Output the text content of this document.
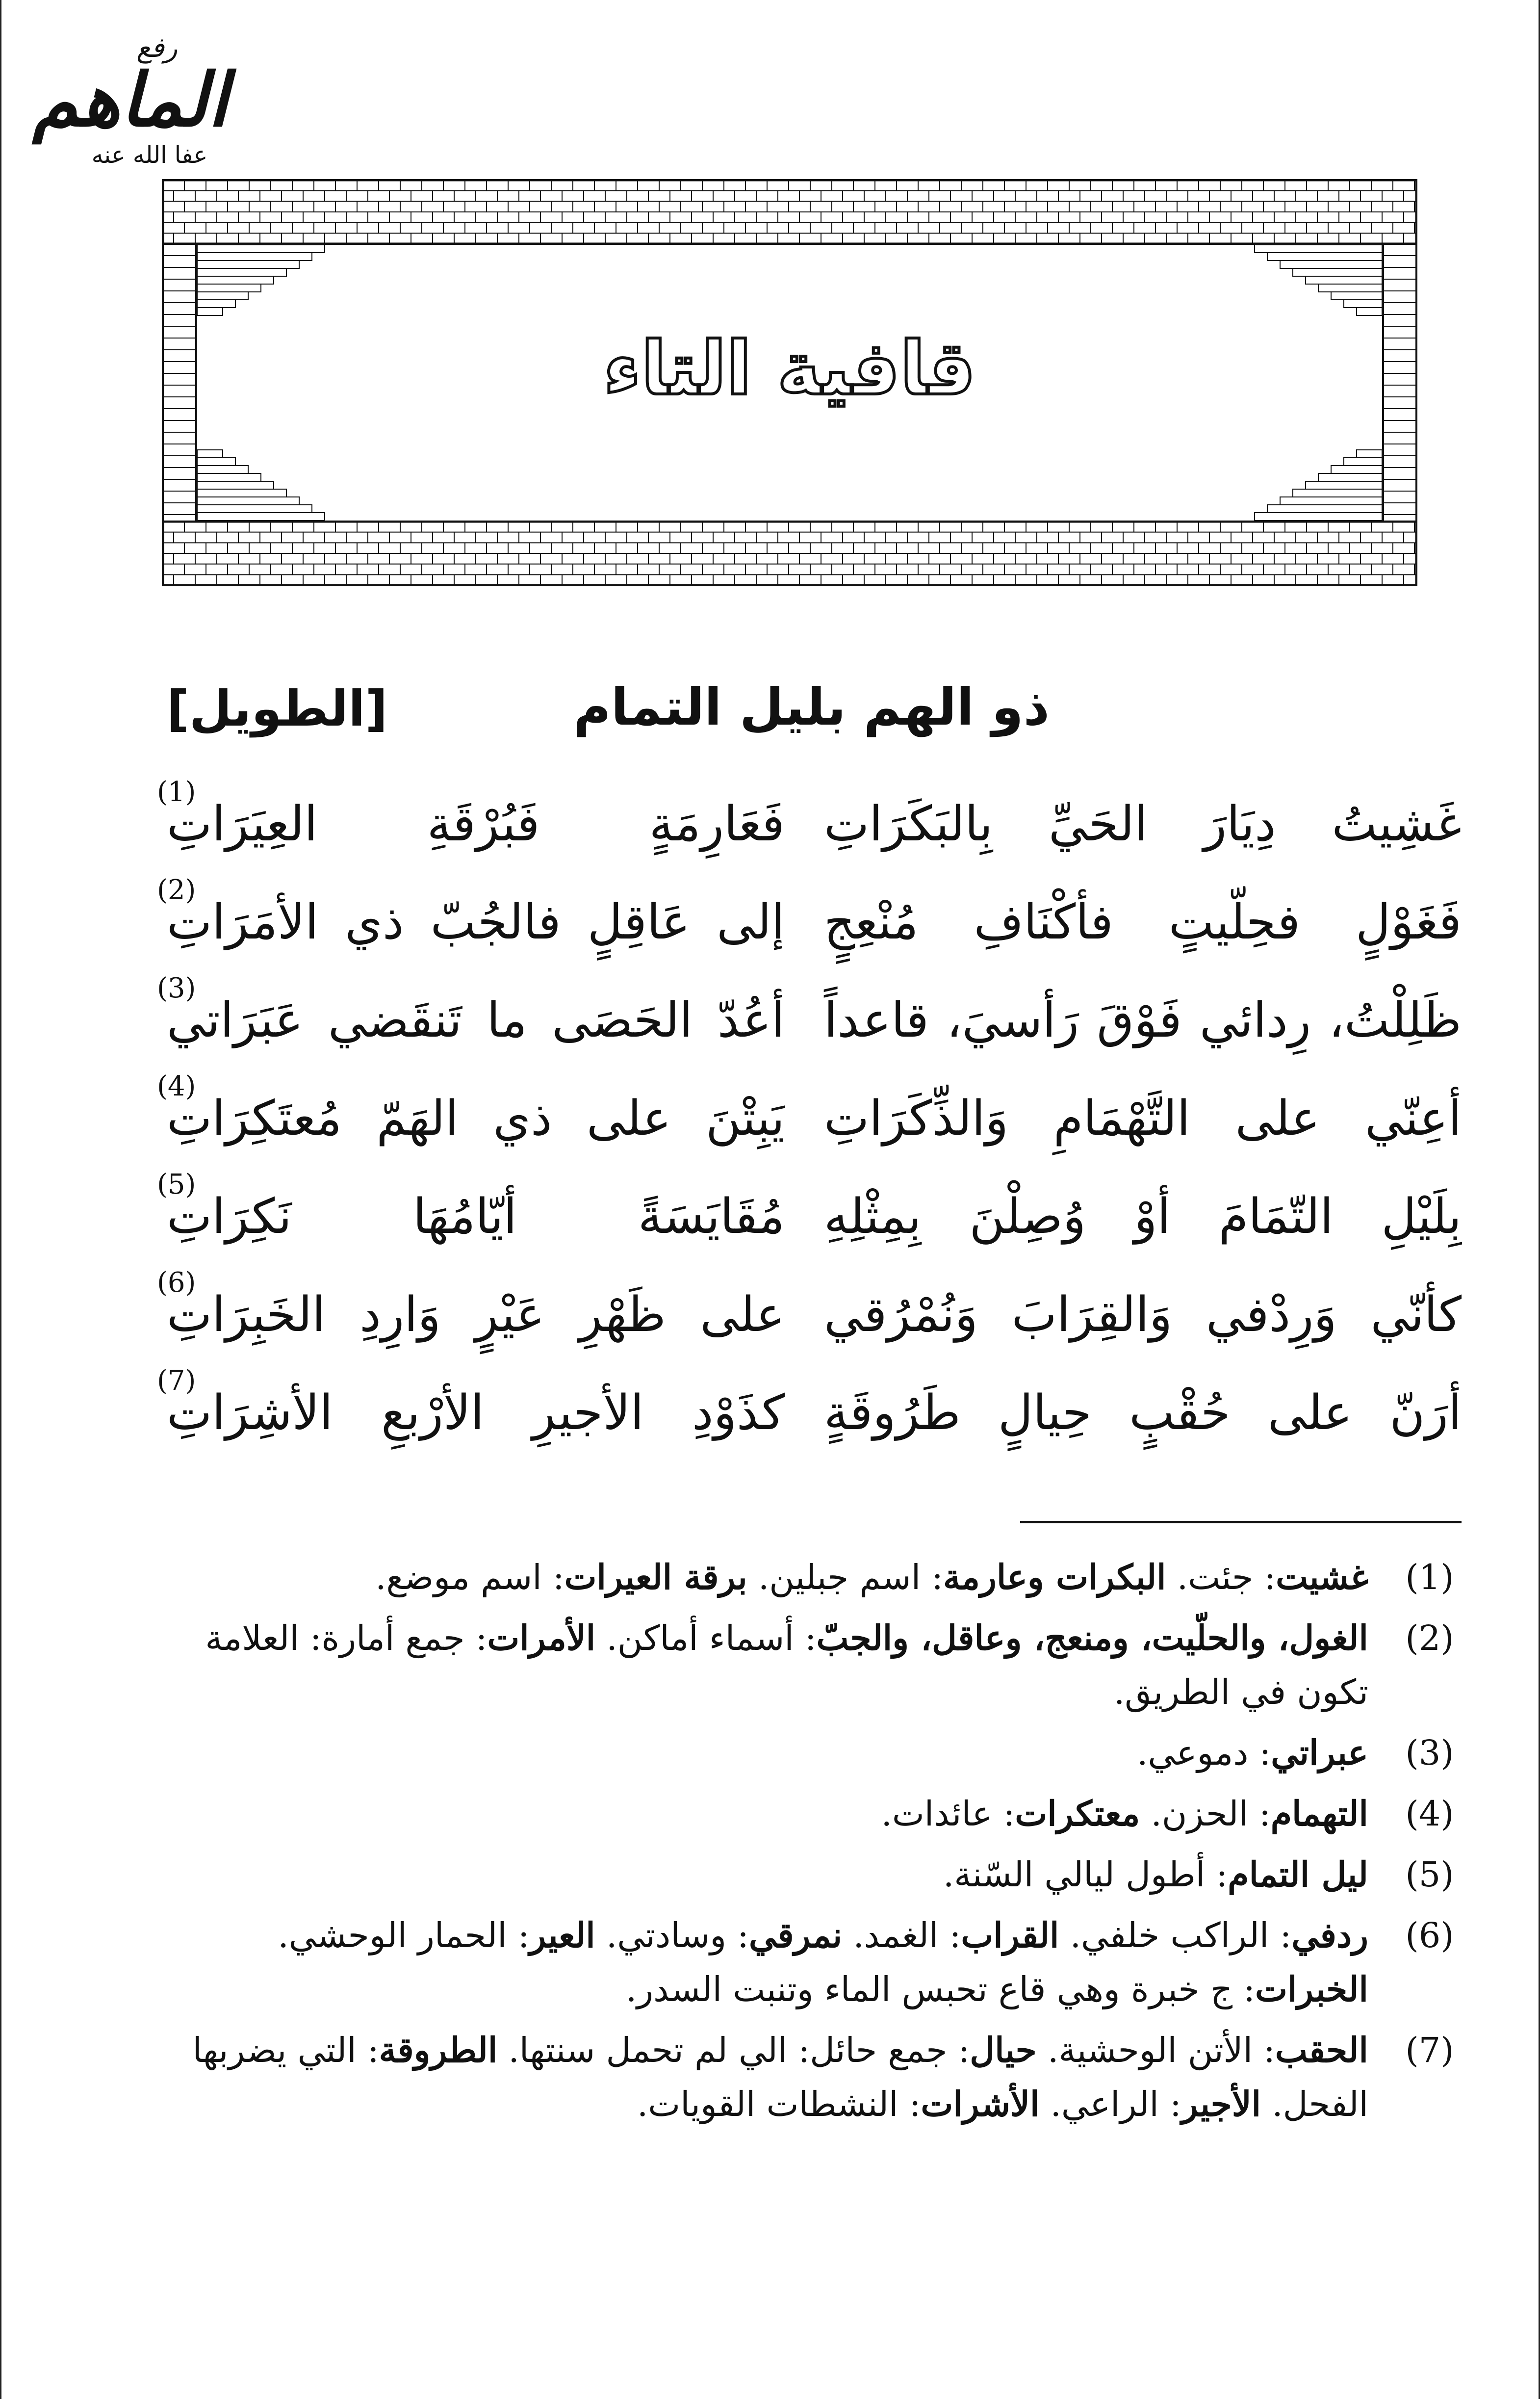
رفع
الماهم
عفا الله عنه
قافية التاء
ذو الهم بليل التمام
[الطويل]
غَشِيتُ دِيَارَ الحَيِّ بِالبَكَرَاتِ
فَعَارِمَةٍ فَبُرْقَةِ العِيَرَاتِ
(1)
فَغَوْلٍ فحِلّيتٍ فأكْنَافِ مُنْعِجٍ
إلى عَاقِلٍ فالجُبّ ذي الأمَرَاتِ
(2)
ظَلِلْتُ، رِدائي فَوْقَ رَأسيَ، قاعداً
أعُدّ الحَصَى ما تَنقَضي عَبَرَاتي
(3)
أعِنّي على التَّهْمَامِ وَالذِّكَرَاتِ
يَبِتْنَ على ذي الهَمّ مُعتَكِرَاتِ
(4)
بِلَيْلِ التّمَامَ أوْ وُصِلْنَ بِمِثْلِهِ
مُقَايَسَةً أيّامُهَا نَكِرَاتِ
(5)
كأنّي وَرِدْفي وَالقِرَابَ وَنُمْرُقي
على ظَهْرِ عَيْرٍ وَارِدِ الخَبِرَاتِ
(6)
أرَنّ على حُقْبٍ حِيالٍ طَرُوقَةٍ
كذَوْدِ الأجيرِ الأرْبعِ الأشِرَاتِ
(7)
(1)
غشيت: جئت. البكرات وعارمة: اسم جبلين. برقة العيرات: اسم موضع.
(2)
الغول، والحلّيت، ومنعج، وعاقل، والجبّ: أسماء أماكن. الأمرات: جمع أمارة: العلامة تكون في الطريق.
(3)
عبراتي: دموعي.
(4)
التهمام: الحزن. معتكرات: عائدات.
(5)
ليل التمام: أطول ليالي السّنة.
(6)
ردفي: الراكب خلفي. القراب: الغمد. نمرقي: وسادتي. العير: الحمار الوحشي. الخبرات: ج خبرة وهي قاع تحبس الماء وتنبت السدر.
(7)
الحقب: الأتن الوحشية. حيال: جمع حائل: الي لم تحمل سنتها. الطروقة: التي يضربها الفحل. الأجير: الراعي. الأشرات: النشطات القويات.
